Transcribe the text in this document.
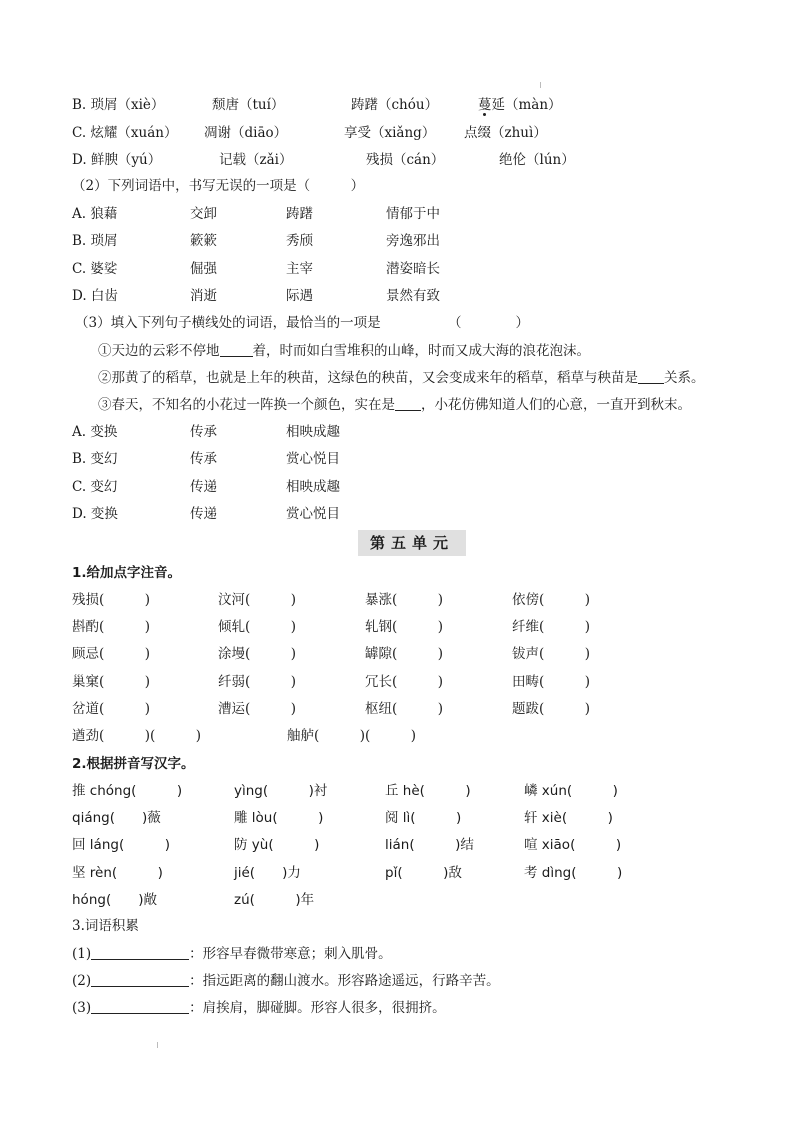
B. 琐屑（xiè）	颓唐（tuí）	踌躇（chóu）	蔓延（màn）
C. 炫耀（xuán） 凋谢（diāo）	享受（xiǎng） 点缀（zhuì）
D. 鲜腴（yú）	记载（zǎi）	残损（cán）	绝伦（lún）
（2）下列词语中，书写无误的一项是（　　　）
A. 狼藉	交卸	踌躇	情郁于中
B. 琐屑	簌簌	秀颀	旁逸邪出
C. 婆娑	倔强	主宰	潜姿暗长
D. 白齿	消逝	际遇	景然有致
（3）填入下列句子横线处的词语，最恰当的一项是	（　　　　）
①天边的云彩不停地 着，时而如白雪堆积的山峰，时而又成大海的浪花泡沫。
②那黄了的稻草，也就是上年的秧苗，这绿色的秧苗，又会变成来年的稻草，稻草与秧苗是 关系。
③春天，不知名的小花过一阵换一个颜色，实在是 ，小花仿佛知道人们的心意，一直开到秋末。
A. 变换	传承	相映成趣
B. 变幻	传承	赏心悦目
C. 变幻	传递	相映成趣
D. 变换	传递	赏心悦目
第五单元
1.给加点字注音。
残损(　　　)	汶河(　　　)	暴涨(　　　)	依傍(　　　)
斟酌(　　　)	倾轧(　　　)	轧钢(　　　)	纤维(　　　)
顾忌(　　　)	涂墁(　　　)	罅隙(　　　)	钹声(　　　)
巢窠(　　　)	纤弱(　　　)	冗长(　　　)	田畴(　　　)
岔道(　　　)	漕运(　　　)	枢纽(　　　)	题跋(　　　)
遒劲(　　　)(　　　)	舳舻(　　　)(　　　)
2.根据拼音写汉字。
推 chóng(　　　)	yìng(　　　)衬	丘 hè(　　　)	嶙 xún(　　　)
qiáng(　　)薇	雕 lòu(　　　)	阅 lì(　　　)	轩 xiè(　　　)
回 láng(　　　)	防 yù(　　　)	lián(　　　)结	喧 xiāo(　　　)
坚 rèn(　　　)	jié(　　)力	pǐ(　　　)敌	考 dìng(　　　)
hóng(　　)敞	zú(　　　)年
3.词语积累
(1)	：形容早春微带寒意；刺入肌骨。
(2)	：指远距离的翻山渡水。形容路途遥远，行路辛苦。
(3)	：肩挨肩，脚碰脚。形容人很多，很拥挤。
